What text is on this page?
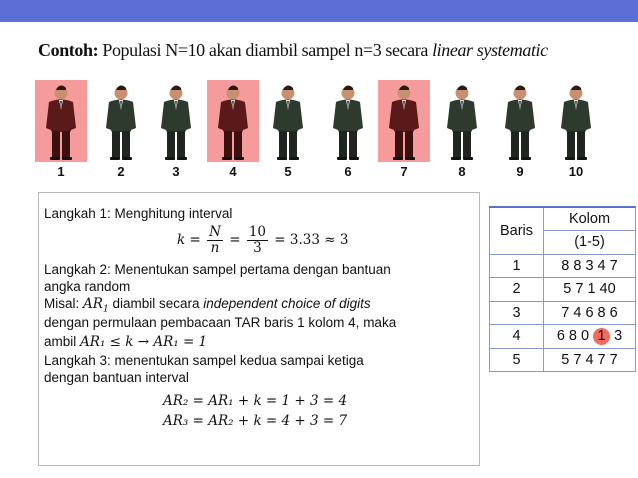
Contoh: Populasi N=10 akan diambil sampel n=3 secara linear systematic
1	2	3	4	5	6	7	8	9	10
Langkah 1: Menghitung interval
$k = \frac{N}{n} = \frac{10}{3} = 3.33 \approx 3$
Langkah 2: Menentukan sampel pertama dengan bantuan
angka random
Misal: $AR_1$ diambil secara independent choice of digits
dengan permulaan pembacaan TAR baris 1 kolom 4, maka
ambil AR₁ ≤ k → AR₁ = 1
Langkah 3: menentukan sampel kedua sampai ketiga
dengan bantuan interval
AR₂ = AR₁ + k = 1 + 3 = 4
AR₃ = AR₂ + k = 4 + 3 = 7
Baris	Kolom
	(1-5)
1	8 8 3 4 7
2	5 7 1 40
3	7 4 6 8 6
4	6 8 0 1 3
5	5 7 4 7 7
